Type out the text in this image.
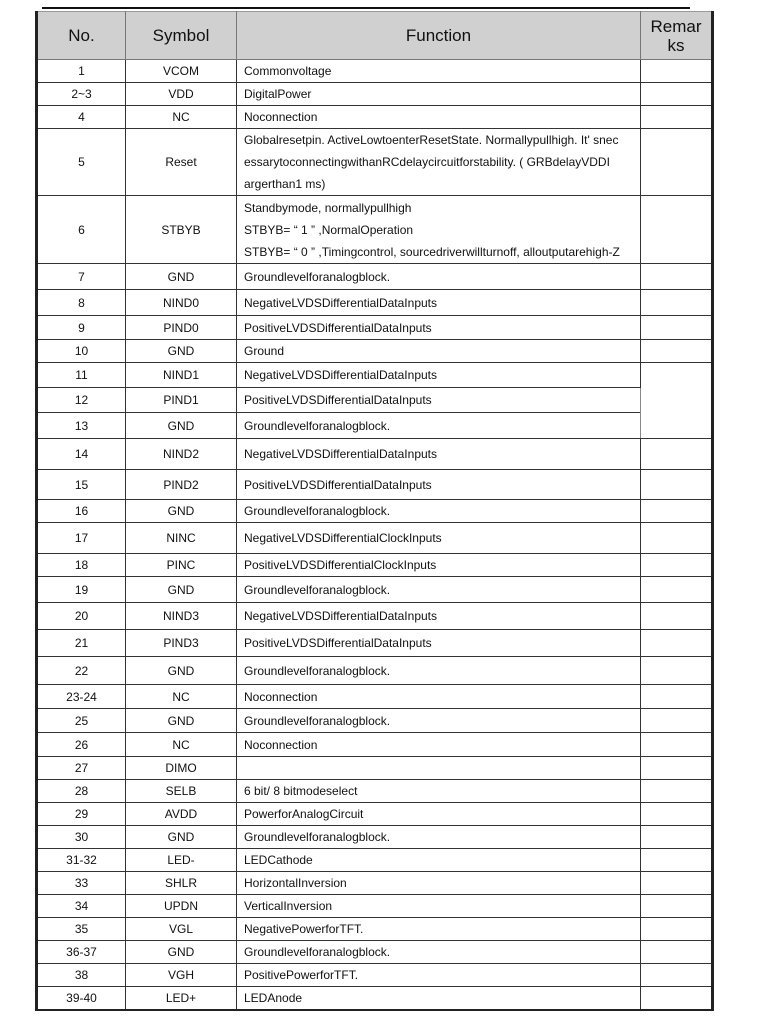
No.	Symbol	Function	Remar
ks
1	VCOM	Commonvoltage	

2~3	VDD	DigitalPower	

4	NC	Noconnection	

5	Reset	Globalresetpin. ActiveLowtoenterResetState. Normallypullhigh. It' snec
essarytoconnectingwithanRCdelaycircuitforstability. ( GRBdelayVDDI
argerthan1 ms)	

6	STBYB	Standbymode, normallypullhigh
STBYB= “ 1 ” ,NormalOperation
STBYB= “ 0 ” ,Timingcontrol, sourcedriverwillturnoff, alloutputarehigh-Z	

7	GND	Groundlevelforanalogblock.	

8	NIND0	NegativeLVDSDifferentialDataInputs	

9	PIND0	PositiveLVDSDifferentialDataInputs	

10	GND	Ground	

11	NIND1	NegativeLVDSDifferentialDataInputs	

12	PIND1	PositiveLVDSDifferentialDataInputs	

13	GND	Groundlevelforanalogblock.	

14	NIND2	NegativeLVDSDifferentialDataInputs	

15	PIND2	PositiveLVDSDifferentialDataInputs	

16	GND	Groundlevelforanalogblock.	

17	NINC	NegativeLVDSDifferentialClockInputs	

18	PINC	PositiveLVDSDifferentialClockInputs	

19	GND	Groundlevelforanalogblock.	

20	NIND3	NegativeLVDSDifferentialDataInputs	

21	PIND3	PositiveLVDSDifferentialDataInputs	

22	GND	Groundlevelforanalogblock.	

23-24	NC	Noconnection	

25	GND	Groundlevelforanalogblock.	

26	NC	Noconnection	

27	DIMO	

28	SELB	6 bit/ 8 bitmodeselect	

29	AVDD	PowerforAnalogCircuit	

30	GND	Groundlevelforanalogblock.	

31-32	LED-	LEDCathode	

33	SHLR	HorizontalInversion	

34	UPDN	VerticalInversion	

35	VGL	NegativePowerforTFT.	

36-37	GND	Groundlevelforanalogblock.	

38	VGH	PositivePowerforTFT.	

39-40	LED+	LEDAnode	
